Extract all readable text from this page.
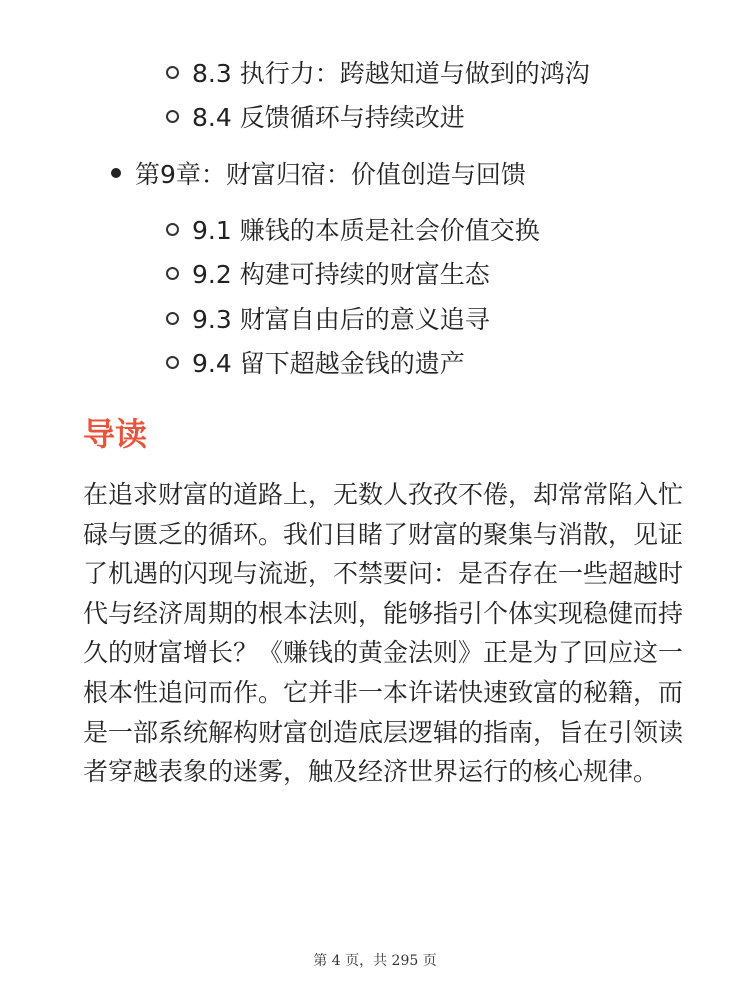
8.3 执行力：跨越知道与做到的鸿沟
8.4 反馈循环与持续改进
第9章：财富归宿：价值创造与回馈
9.1 赚钱的本质是社会价值交换
9.2 构建可持续的财富生态
9.3 财富自由后的意义追寻
9.4 留下超越金钱的遗产
导读

在追求财富的道路上，无数人孜孜不倦，却常常陷入忙碌与匮乏的循环。我们目睹了财富的聚集与消散，见证了机遇的闪现与流逝，不禁要问：是否存在一些超越时代与经济周期的根本法则，能够指引个体实现稳健而持久的财富增长？《赚钱的黄金法则》正是为了回应这一根本性追问而作。它并非一本许诺快速致富的秘籍，而是一部系统解构财富创造底层逻辑的指南，旨在引领读者穿越表象的迷雾，触及经济世界运行的核心规律。

第 4 页，共 295 页
